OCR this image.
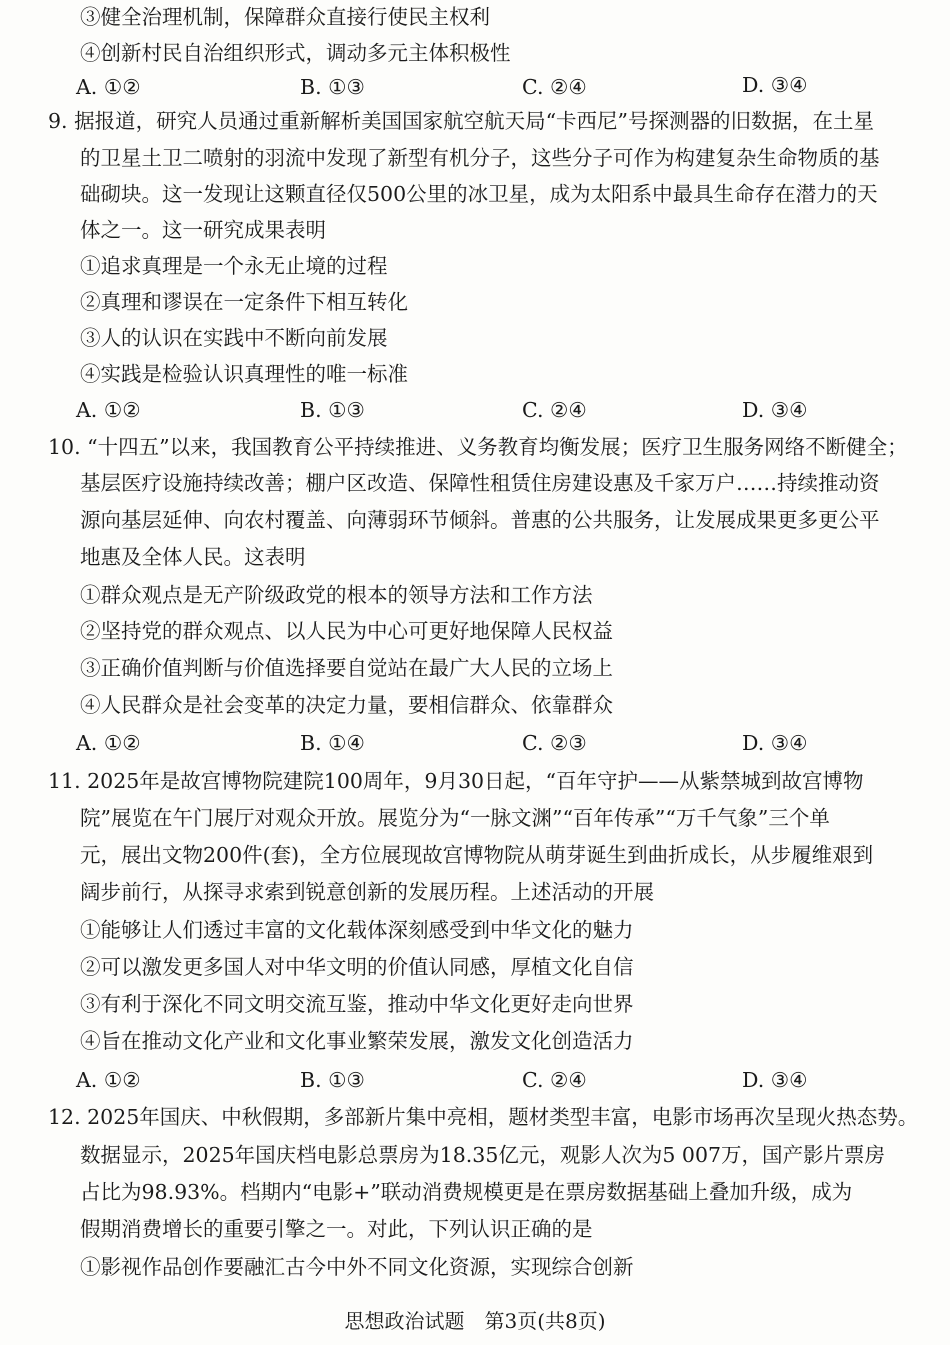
③健全治理机制，保障群众直接行使民主权利
④创新村民自治组织形式，调动多元主体积极性
A. ①②	B. ①③	C. ②④	D. ③④
9. 据报道，研究人员通过重新解析美国国家航空航天局“卡西尼”号探测器的旧数据，在土星
的卫星土卫二喷射的羽流中发现了新型有机分子，这些分子可作为构建复杂生命物质的基
础砌块。这一发现让这颗直径仅500公里的冰卫星，成为太阳系中最具生命存在潜力的天
体之一。这一研究成果表明
①追求真理是一个永无止境的过程
②真理和谬误在一定条件下相互转化
③人的认识在实践中不断向前发展
④实践是检验认识真理性的唯一标准
A. ①②	B. ①③	C. ②④	D. ③④
10. “十四五”以来，我国教育公平持续推进、义务教育均衡发展；医疗卫生服务网络不断健全；
基层医疗设施持续改善；棚户区改造、保障性租赁住房建设惠及千家万户……持续推动资
源向基层延伸、向农村覆盖、向薄弱环节倾斜。普惠的公共服务，让发展成果更多更公平
地惠及全体人民。这表明
①群众观点是无产阶级政党的根本的领导方法和工作方法
②坚持党的群众观点、以人民为中心可更好地保障人民权益
③正确价值判断与价值选择要自觉站在最广大人民的立场上
④人民群众是社会变革的决定力量，要相信群众、依靠群众
A. ①②	B. ①④	C. ②③	D. ③④
11. 2025年是故宫博物院建院100周年，9月30日起，“百年守护——从紫禁城到故宫博物
院”展览在午门展厅对观众开放。展览分为“一脉文渊”“百年传承”“万千气象”三个单
元，展出文物200件(套)，全方位展现故宫博物院从萌芽诞生到曲折成长，从步履维艰到
阔步前行，从探寻求索到锐意创新的发展历程。上述活动的开展
①能够让人们透过丰富的文化载体深刻感受到中华文化的魅力
②可以激发更多国人对中华文明的价值认同感，厚植文化自信
③有利于深化不同文明交流互鉴，推动中华文化更好走向世界
④旨在推动文化产业和文化事业繁荣发展，激发文化创造活力
A. ①②	B. ①③	C. ②④	D. ③④
12. 2025年国庆、中秋假期，多部新片集中亮相，题材类型丰富，电影市场再次呈现火热态势。
数据显示，2025年国庆档电影总票房为18.35亿元，观影人次为5 007万，国产影片票房
占比为98.93%。档期内“电影+”联动消费规模更是在票房数据基础上叠加升级，成为
假期消费增长的重要引擎之一。对此，下列认识正确的是
①影视作品创作要融汇古今中外不同文化资源，实现综合创新
思想政治试题　第3页(共8页)
